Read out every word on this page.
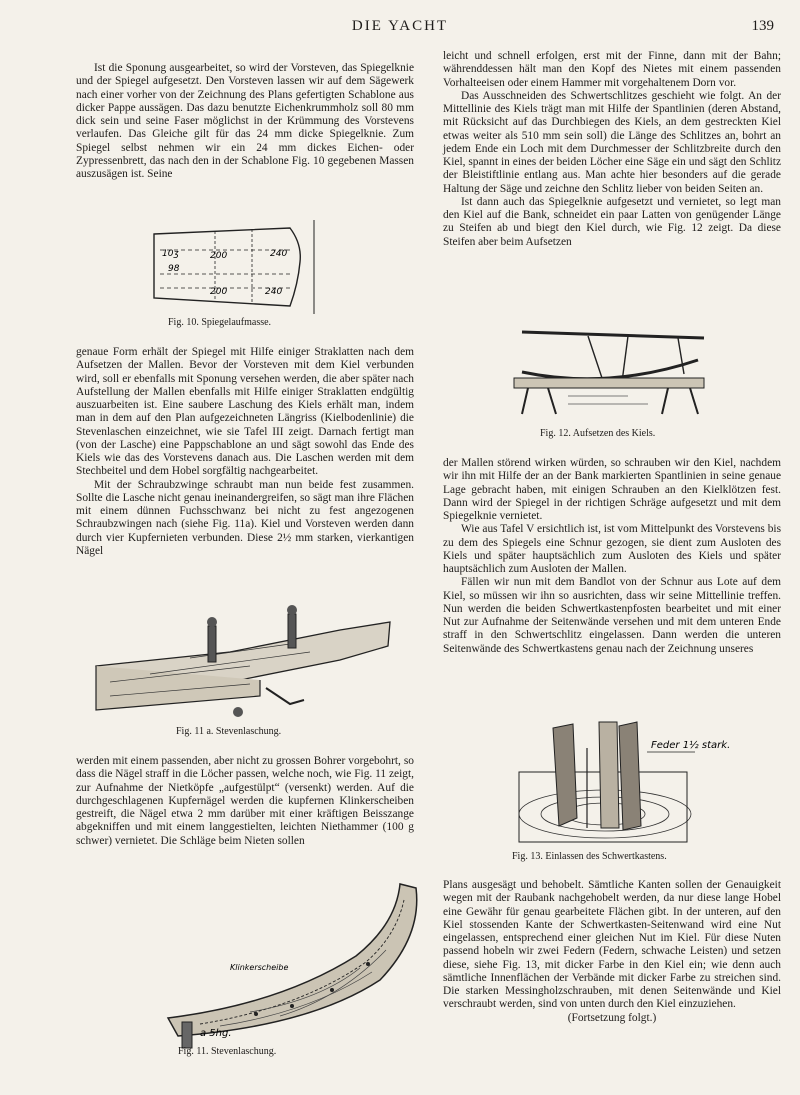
DIE YACHT	139

Ist die Sponung ausgearbeitet, so wird der Vorsteven, das Spiegelknie und der Spiegel aufgesetzt. Den Vorsteven lassen wir auf dem Sägewerk nach einer vorher von der Zeichnung des Plans gefertigten Schablone aus dicker Pappe aussägen. Das dazu benutzte Eichenkrummholz soll 80 mm dick sein und seine Faser möglichst in der Krümmung des Vorstevens verlaufen. Das Gleiche gilt für das 24 mm dicke Spiegelknie. Zum Spiegel selbst nehmen wir ein 24 mm dickes Eichen- oder Zypressenbrett, das nach den in der Schablone Fig. 10 gegebenen Massen auszusägen ist. Seine

10ʒ
98
200	240
200	240
Fig. 10. Spiegelaufmasse.

genaue Form erhält der Spiegel mit Hilfe einiger Straklatten nach dem Aufsetzen der Mallen. Bevor der Vorsteven mit dem Kiel verbunden wird, soll er ebenfalls mit Sponung versehen werden, die aber später nach Aufstellung der Mallen ebenfalls mit Hilfe einiger Straklatten endgültig auszuarbeiten ist. Eine saubere Laschung des Kiels erhält man, indem man in dem auf den Plan aufgezeichneten Längriss (Kielbodenlinie) die Stevenlaschen einzeichnet, wie sie Tafel III zeigt. Darnach fertigt man (von der Lasche) eine Pappschablone an und sägt sowohl das Ende des Kiels wie das des Vorstevens danach aus. Die Laschen werden mit dem Stechbeitel und dem Hobel sorgfältig nachgearbeitet.

Mit der Schraubzwinge schraubt man nun beide fest zusammen. Sollte die Lasche nicht genau ineinandergreifen, so sägt man ihre Flächen mit einem dünnen Fuchsschwanz bei nicht zu fest angezogenen Schraubzwingen nach (siehe Fig. 11a). Kiel und Vorsteven werden dann durch vier Kupfernieten verbunden. Diese 2½ mm starken, vierkantigen Nägel

Fig. 11 a. Stevenlaschung.

werden mit einem passenden, aber nicht zu grossen Bohrer vorgebohrt, so dass die Nägel straff in die Löcher passen, welche noch, wie Fig. 11 zeigt, zur Aufnahme der Nietköpfe „aufgestülpt“ (versenkt) werden. Auf die durchgeschlagenen Kupfernägel werden die kupfernen Klinkerscheiben gestreift, die Nägel etwa 2 mm darüber mit einer kräftigen Beisszange abgekniffen und mit einem langgestielten, leichten Niethammer (100 g schwer) vernietet. Die Schläge beim Nieten sollen

Klinkerscheibe
a 5hg.
Fig. 11. Stevenlaschung.

leicht und schnell erfolgen, erst mit der Finne, dann mit der Bahn; währenddessen hält man den Kopf des Nietes mit einem passenden Vorhalteeisen oder einem Hammer mit vorgehaltenem Dorn vor.

Das Ausschneiden des Schwertschlitzes geschieht wie folgt. An der Mittellinie des Kiels trägt man mit Hilfe der Spantlinien (deren Abstand, mit Rücksicht auf das Durchbiegen des Kiels, an dem gestreckten Kiel etwas weiter als 510 mm sein soll) die Länge des Schlitzes an, bohrt an jedem Ende ein Loch mit dem Durchmesser der Schlitzbreite durch den Kiel, spannt in eines der beiden Löcher eine Säge ein und sägt den Schlitz der Bleistiftlinie entlang aus. Man achte hier besonders auf die gerade Haltung der Säge und zeichne den Schlitz lieber von beiden Seiten an.

Ist dann auch das Spiegelknie aufgesetzt und vernietet, so legt man den Kiel auf die Bank, schneidet ein paar Latten von genügender Länge zu Steifen ab und biegt den Kiel durch, wie Fig. 12 zeigt. Da diese Steifen aber beim Aufsetzen

Fig. 12. Aufsetzen des Kiels.

der Mallen störend wirken würden, so schrauben wir den Kiel, nachdem wir ihn mit Hilfe der an der Bank markierten Spantlinien in seine genaue Lage gebracht haben, mit einigen Schrauben an den Kielklötzen fest. Dann wird der Spiegel in der richtigen Schräge aufgesetzt und mit dem Spiegelknie vernietet.

Wie aus Tafel V ersichtlich ist, ist vom Mittelpunkt des Vorstevens bis zu dem des Spiegels eine Schnur gezogen, sie dient zum Ausloten des Kiels und später hauptsächlich zum Ausloten des Kiels und später hauptsächlich zum Ausloten der Mallen.

Fällen wir nun mit dem Bandlot von der Schnur aus Lote auf dem Kiel, so müssen wir ihn so ausrichten, dass wir seine Mittellinie treffen. Nun werden die beiden Schwertkastenpfosten bearbeitet und mit einer Nut zur Aufnahme der Seitenwände versehen und mit dem unteren Ende straff in den Schwertschlitz eingelassen. Dann werden die unteren Seitenwände des Schwertkastens genau nach der Zeichnung unseres

Feder 1½ stark.
Fig. 13. Einlassen des Schwertkastens.

Plans ausgesägt und behobelt. Sämtliche Kanten sollen der Genauigkeit wegen mit der Raubank nachgehobelt werden, da nur diese lange Hobel eine Gewähr für genau gearbeitete Flächen gibt. In der unteren, auf den Kiel stossenden Kante der Schwertkasten-Seitenwand wird eine Nut eingelassen, entsprechend einer gleichen Nut im Kiel. Für diese Nuten passend hobeln wir zwei Federn (Federn, schwache Leisten) und setzen diese, siehe Fig. 13, mit dicker Farbe in den Kiel ein; wie denn auch sämtliche Innenflächen der Verbände mit dicker Farbe zu streichen sind. Die starken Messingholzschrauben, mit denen Seitenwände und Kiel verschraubt werden, sind von unten durch den Kiel einzuziehen.

(Fortsetzung folgt.)
